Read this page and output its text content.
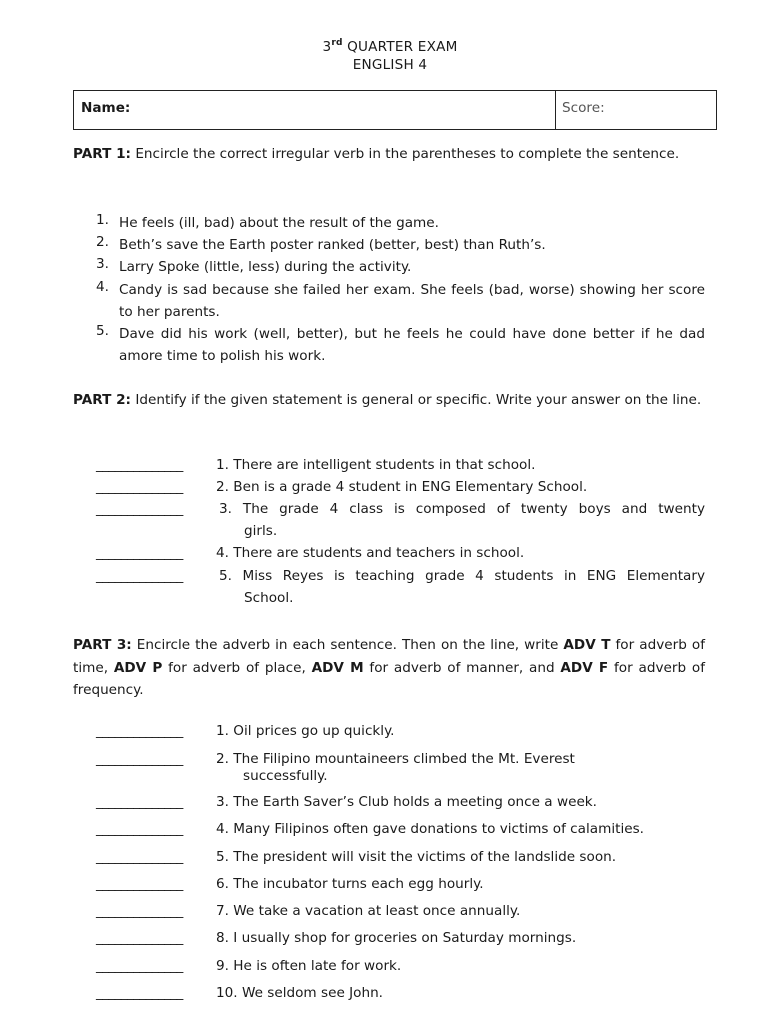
3rd QUARTER EXAM
ENGLISH 4
Name:	Score:
PART 1: Encircle the correct irregular verb in the parentheses to complete the sentence.
1. He feels (ill, bad) about the result of the game.
2. Beth’s save the Earth poster ranked (better, best) than Ruth’s.
3. Larry Spoke (little, less) during the activity.
4. Candy is sad because she failed her exam. She feels (bad, worse) showing her score to her parents.
5. Dave did his work (well, better), but he feels he could have done better if he dad amore time to polish his work.
PART 2: Identify if the given statement is general or specific. Write your answer on the line.
______________ 1. There are intelligent students in that school.
______________ 2. Ben is a grade 4 student in ENG Elementary School.
______________	3. The grade 4 class is composed of twenty boys and twenty
girls.
______________ 4. There are students and teachers in school.
______________	5. Miss Reyes is teaching grade 4 students in ENG Elementary
School.
PART 3: Encircle the adverb in each sentence. Then on the line, write ADV T for adverb of time, ADV P for adverb of place, ADV M for adverb of manner, and ADV F for adverb of frequency.
______________ 1. Oil prices go up quickly.
______________ 2. The Filipino mountaineers climbed the Mt. Everest
successfully.
______________ 3. The Earth Saver’s Club holds a meeting once a week.
______________ 4. Many Filipinos often gave donations to victims of calamities.
______________ 5. The president will visit the victims of the landslide soon.
______________ 6. The incubator turns each egg hourly.
______________ 7. We take a vacation at least once annually.
______________ 8. I usually shop for groceries on Saturday mornings.
______________ 9. He is often late for work.
______________ 10. We seldom see John.
